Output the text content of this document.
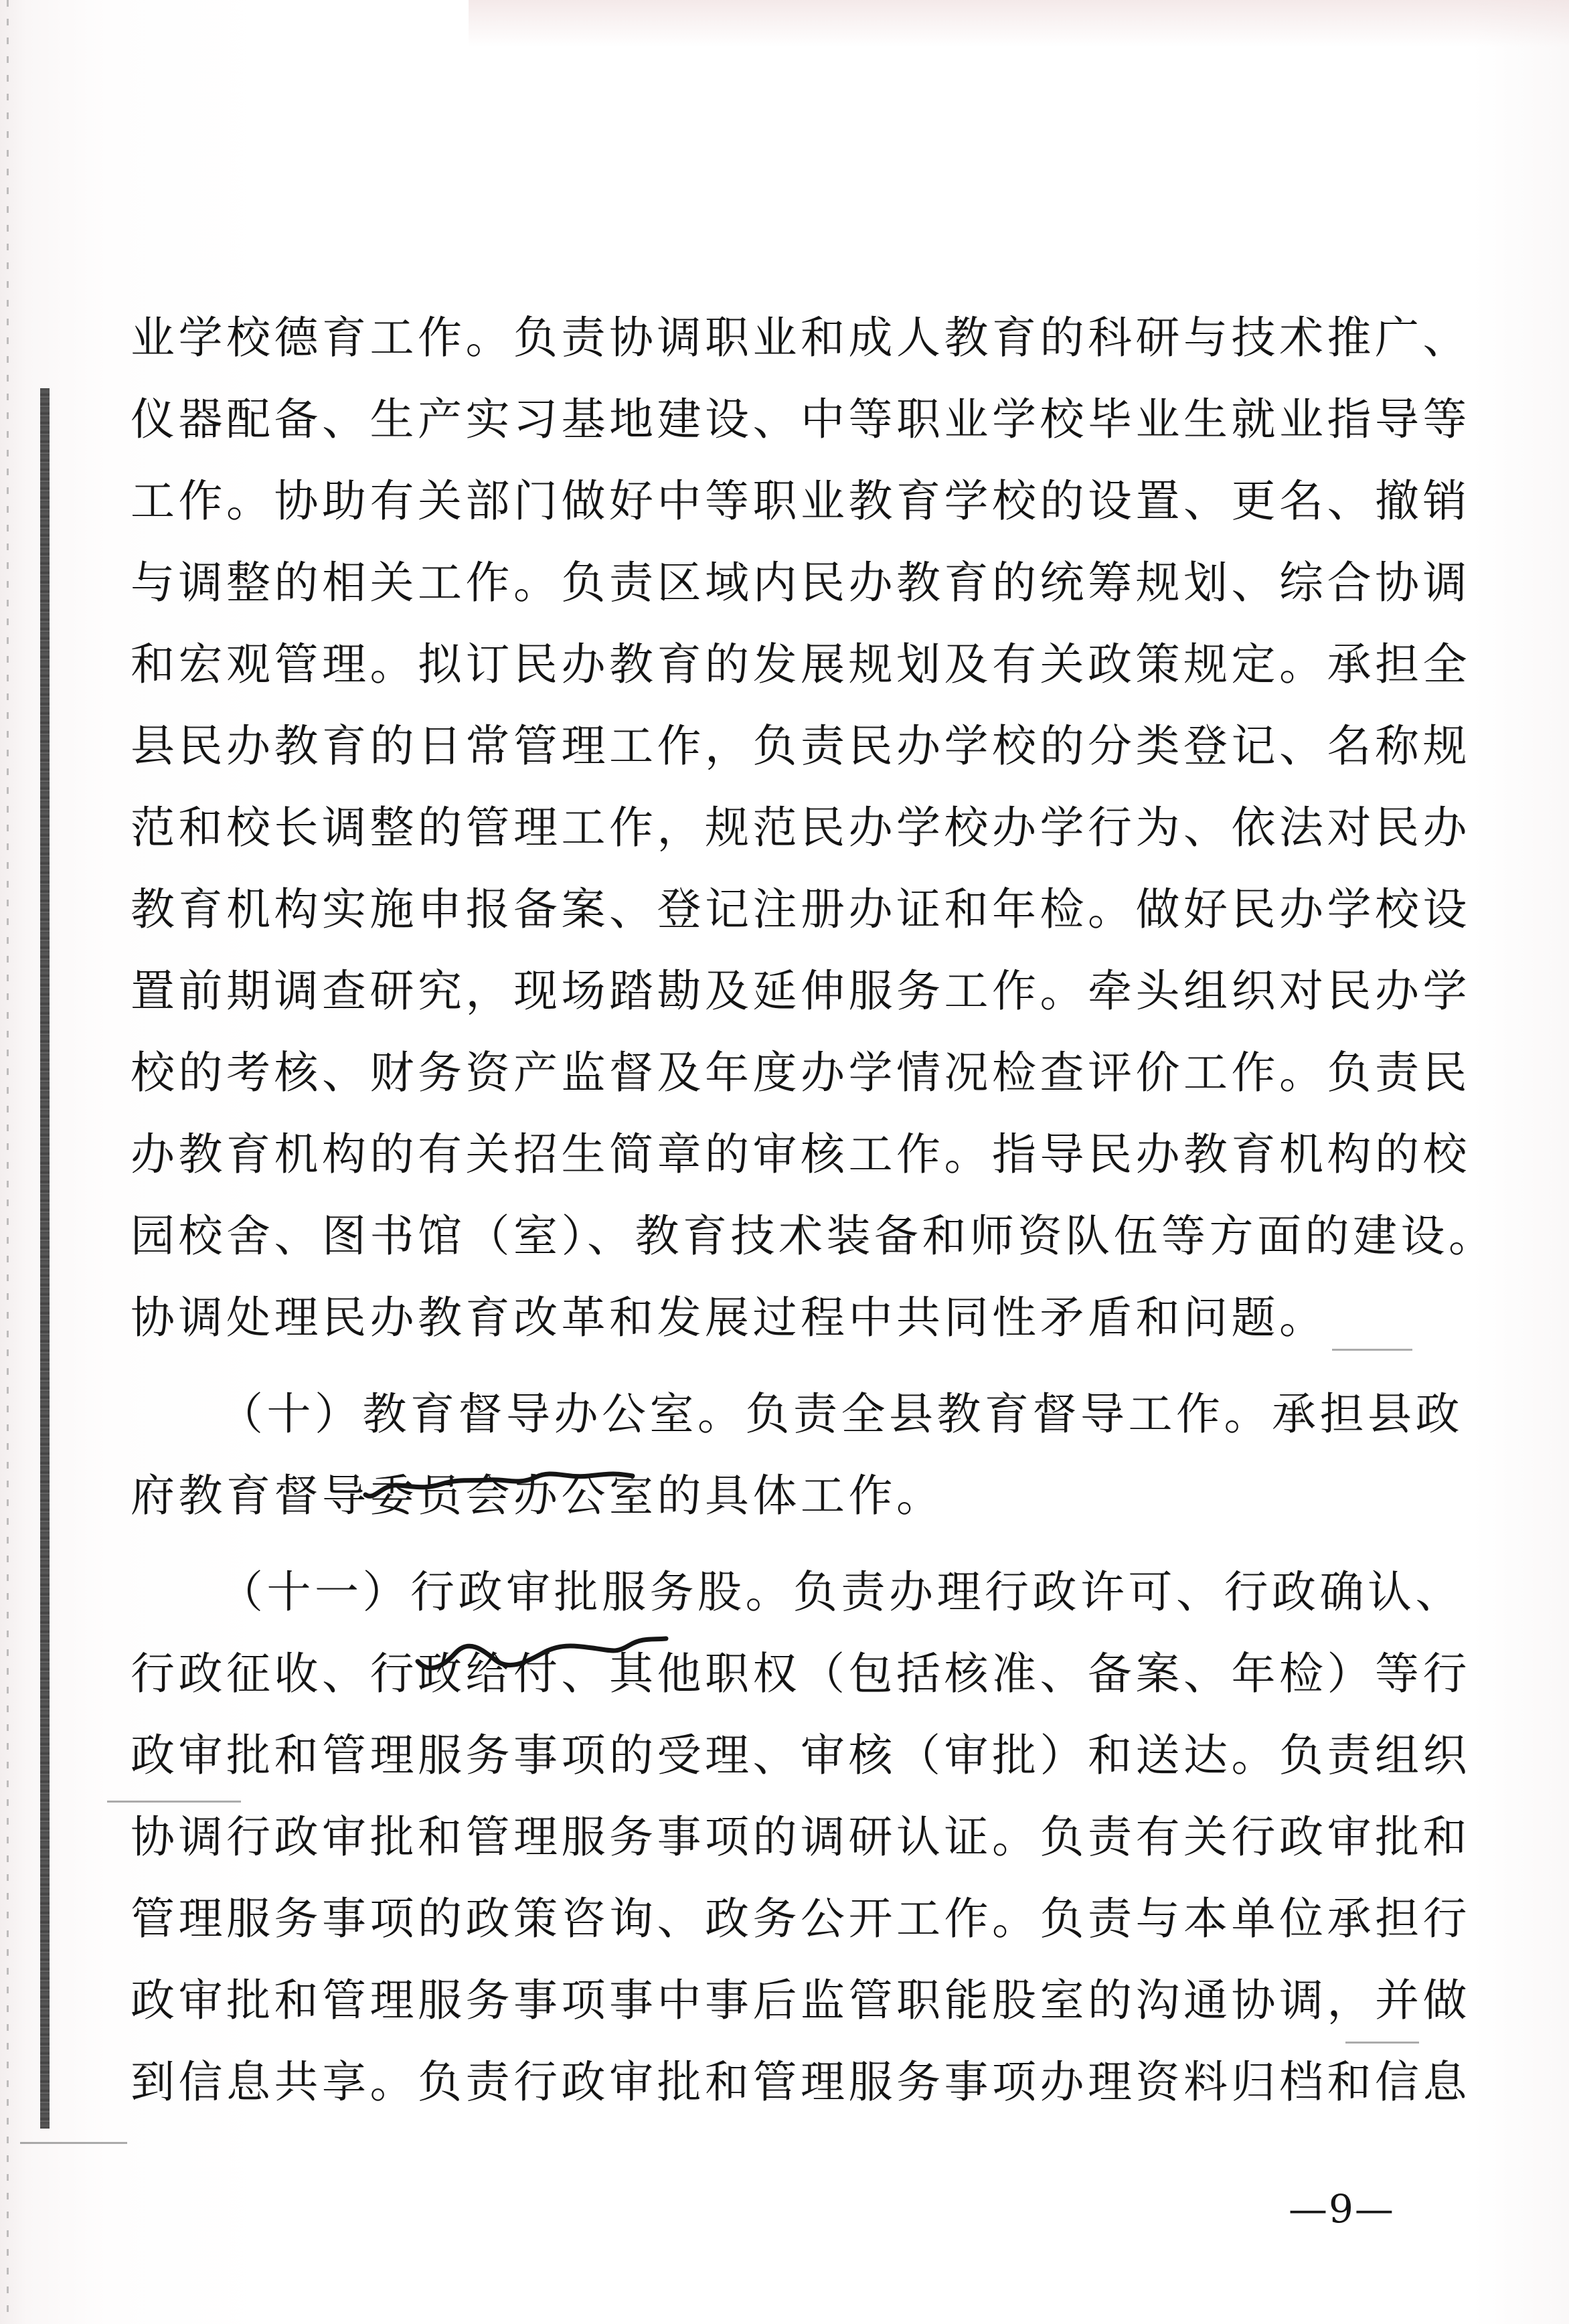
业学校德育工作。负责协调职业和成人教育的科研与技术推广、
仪器配备、生产实习基地建设、中等职业学校毕业生就业指导等
工作。协助有关部门做好中等职业教育学校的设置、更名、撤销
与调整的相关工作。负责区域内民办教育的统筹规划、综合协调
和宏观管理。拟订民办教育的发展规划及有关政策规定。承担全
县民办教育的日常管理工作，负责民办学校的分类登记、名称规
范和校长调整的管理工作，规范民办学校办学行为、依法对民办
教育机构实施申报备案、登记注册办证和年检。做好民办学校设
置前期调查研究，现场踏勘及延伸服务工作。牵头组织对民办学
校的考核、财务资产监督及年度办学情况检查评价工作。负责民
办教育机构的有关招生简章的审核工作。指导民办教育机构的校
园校舍、图书馆（室）、教育技术装备和师资队伍等方面的建设。
协调处理民办教育改革和发展过程中共同性矛盾和问题。
（十）教育督导办公室。负责全县教育督导工作。承担县政
府教育督导委员会办公室的具体工作。
（十一）行政审批服务股。负责办理行政许可、行政确认、
行政征收、行政给付、其他职权（包括核准、备案、年检）等行
政审批和管理服务事项的受理、审核（审批）和送达。负责组织
协调行政审批和管理服务事项的调研认证。负责有关行政审批和
管理服务事项的政策咨询、政务公开工作。负责与本单位承担行
政审批和管理服务事项事中事后监管职能股室的沟通协调，并做
到信息共享。负责行政审批和管理服务事项办理资料归档和信息
—9—
